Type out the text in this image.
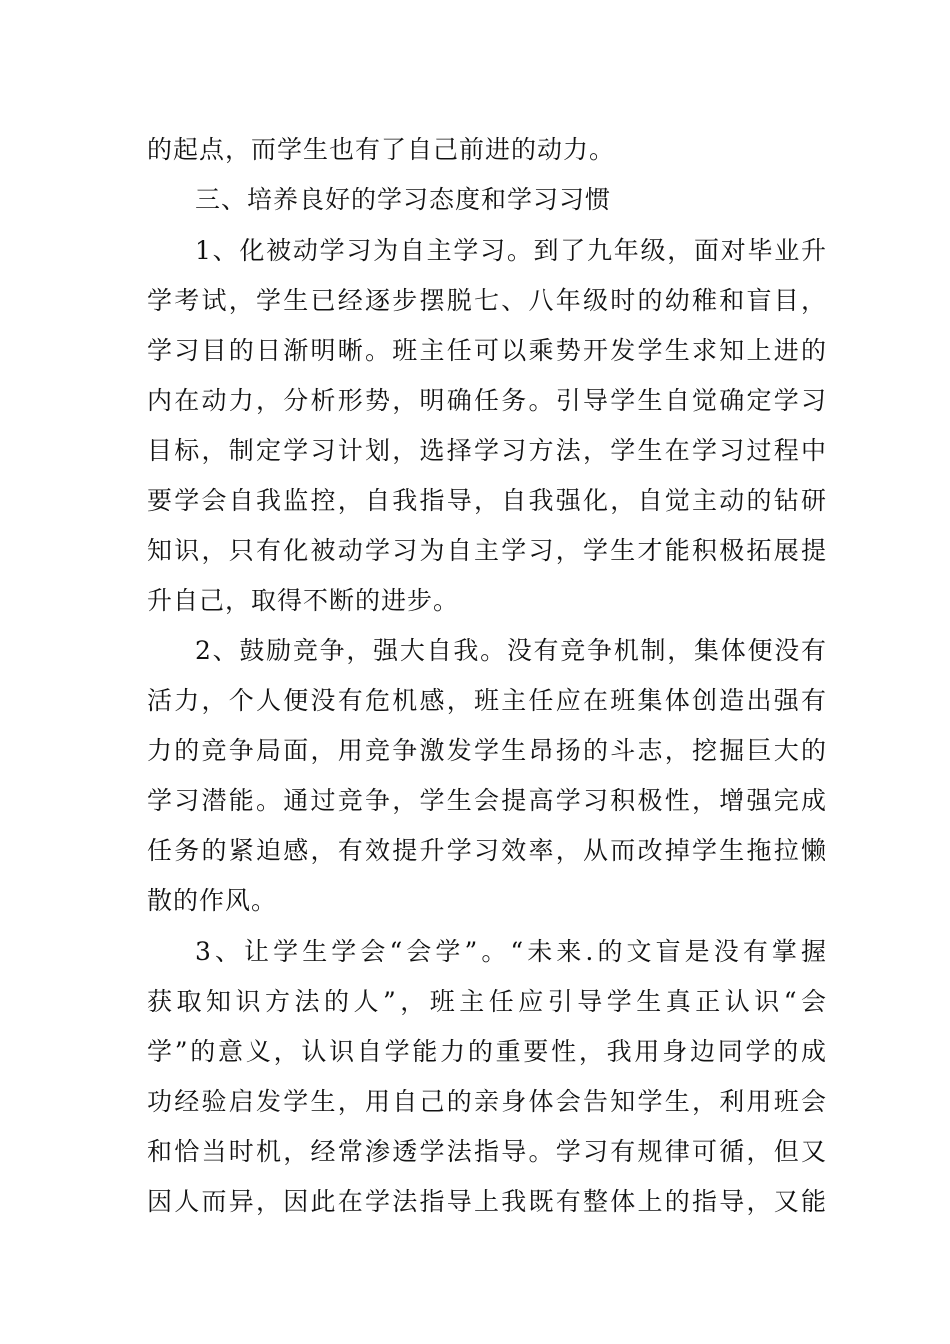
的起点，而学生也有了自己前进的动力。
三、培养良好的学习态度和学习习惯
1、化被动学习为自主学习。到了九年级，面对毕业升
学考试，学生已经逐步摆脱七、八年级时的幼稚和盲目，
学习目的日渐明晰。班主任可以乘势开发学生求知上进的
内在动力，分析形势，明确任务。引导学生自觉确定学习
目标，制定学习计划，选择学习方法，学生在学习过程中
要学会自我监控，自我指导，自我强化，自觉主动的钻研
知识，只有化被动学习为自主学习，学生才能积极拓展提
升自己，取得不断的进步。
2、鼓励竞争，强大自我。没有竞争机制，集体便没有
活力，个人便没有危机感，班主任应在班集体创造出强有
力的竞争局面，用竞争激发学生昂扬的斗志，挖掘巨大的
学习潜能。通过竞争，学生会提高学习积极性，增强完成
任务的紧迫感，有效提升学习效率，从而改掉学生拖拉懒
散的作风。
3、让学生学会“会学”。“未来.的文盲是没有掌握
获取知识方法的人”，班主任应引导学生真正认识“会
学”的意义，认识自学能力的重要性，我用身边同学的成
功经验启发学生，用自己的亲身体会告知学生，利用班会
和恰当时机，经常渗透学法指导。学习有规律可循，但又
因人而异，因此在学法指导上我既有整体上的指导，又能
